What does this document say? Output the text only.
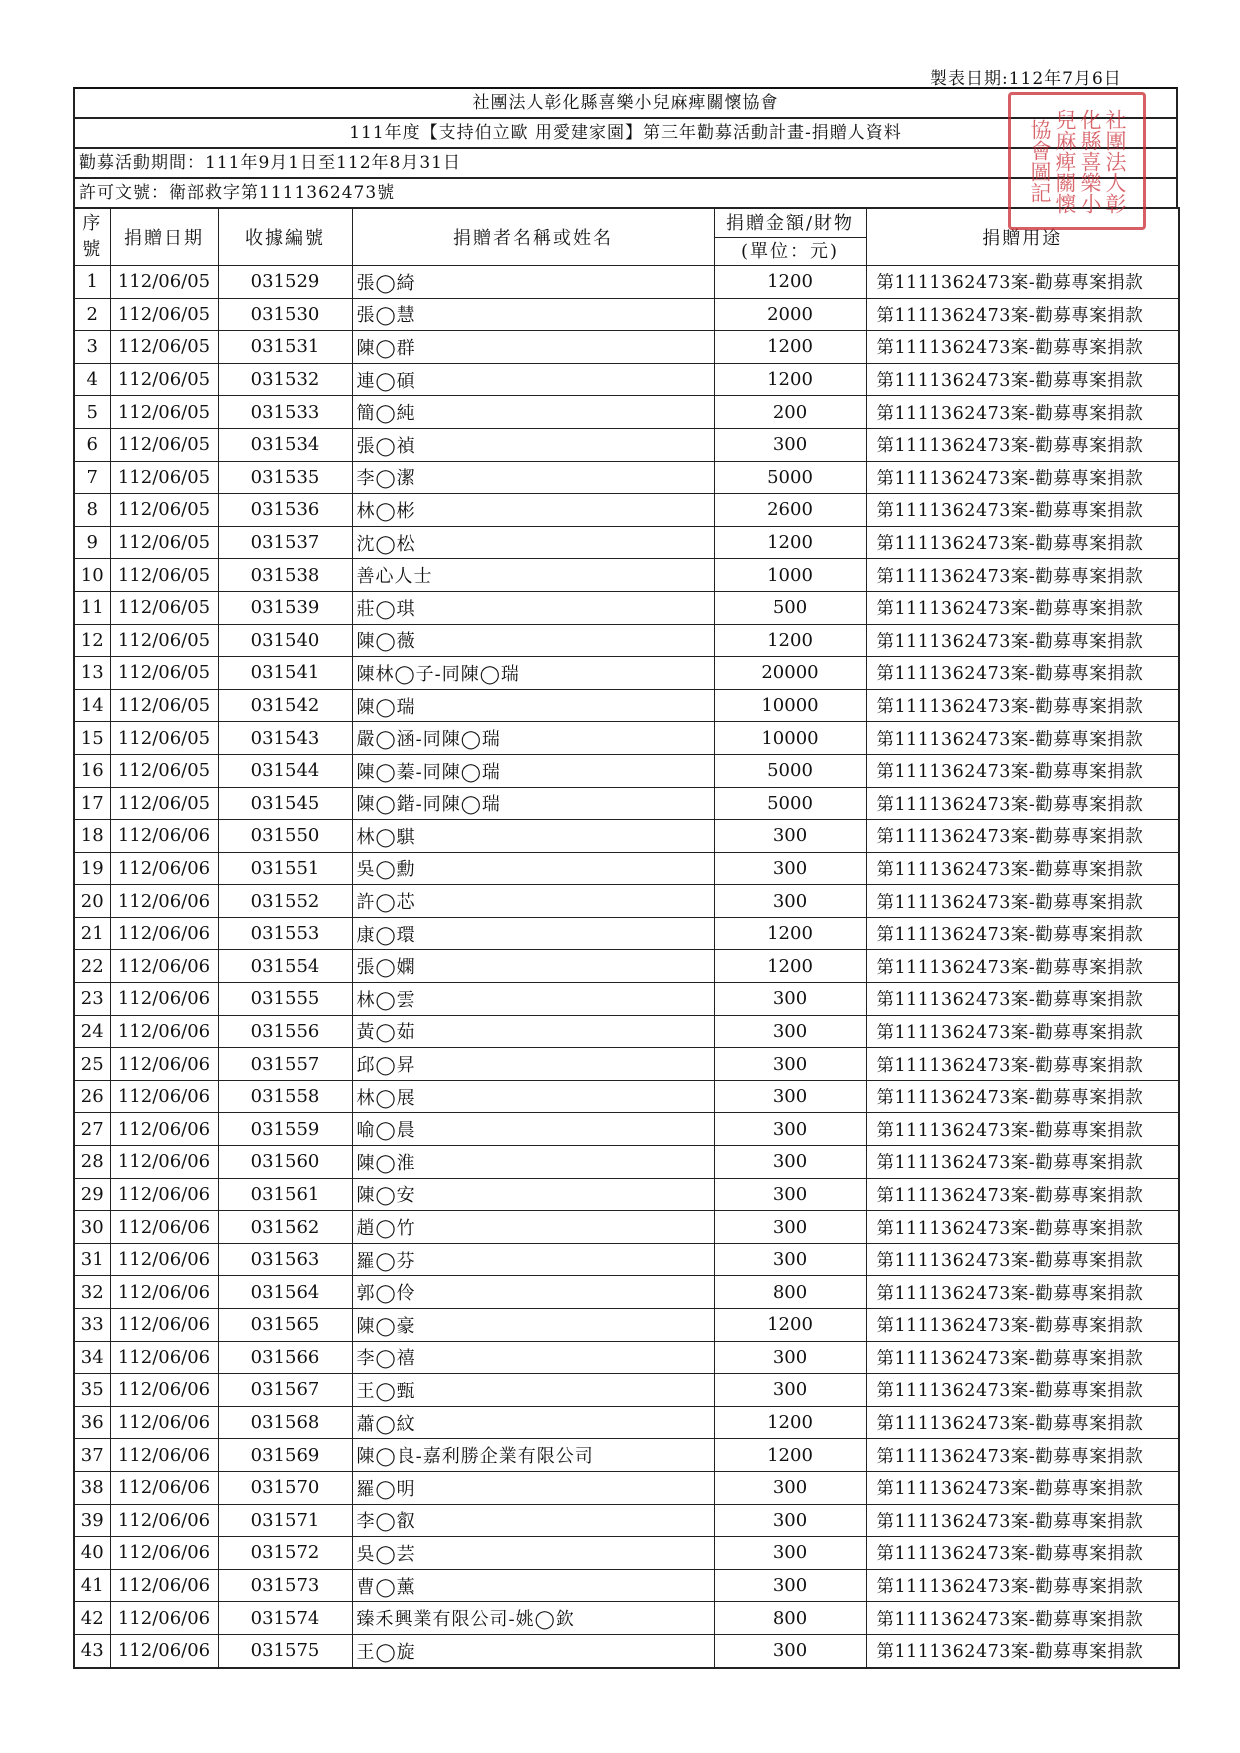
製表日期:112年7月6日
社團法人彰化縣喜樂小兒麻痺關懷協會
111年度【支持伯立歐 用愛建家園】第三年勸募活動計畫-捐贈人資料
勸募活動期間：111年9月1日至112年8月31日
許可文號：衛部救字第1111362473號
序號	捐贈日期	收據編號	捐贈者名稱或姓名	捐贈金額/財物
(單位：元)	捐贈用途
1	112/06/05	031529	張◯綺	1200	第1111362473案-勸募專案捐款
2	112/06/05	031530	張◯慧	2000	第1111362473案-勸募專案捐款
3	112/06/05	031531	陳◯群	1200	第1111362473案-勸募專案捐款
4	112/06/05	031532	連◯碩	1200	第1111362473案-勸募專案捐款
5	112/06/05	031533	簡◯純	200	第1111362473案-勸募專案捐款
6	112/06/05	031534	張◯禎	300	第1111362473案-勸募專案捐款
7	112/06/05	031535	李◯潔	5000	第1111362473案-勸募專案捐款
8	112/06/05	031536	林◯彬	2600	第1111362473案-勸募專案捐款
9	112/06/05	031537	沈◯松	1200	第1111362473案-勸募專案捐款
10	112/06/05	031538	善心人士	1000	第1111362473案-勸募專案捐款
11	112/06/05	031539	莊◯琪	500	第1111362473案-勸募專案捐款
12	112/06/05	031540	陳◯薇	1200	第1111362473案-勸募專案捐款
13	112/06/05	031541	陳林◯子-同陳◯瑞	20000	第1111362473案-勸募專案捐款
14	112/06/05	031542	陳◯瑞	10000	第1111362473案-勸募專案捐款
15	112/06/05	031543	嚴◯涵-同陳◯瑞	10000	第1111362473案-勸募專案捐款
16	112/06/05	031544	陳◯蓁-同陳◯瑞	5000	第1111362473案-勸募專案捐款
17	112/06/05	031545	陳◯鍇-同陳◯瑞	5000	第1111362473案-勸募專案捐款
18	112/06/06	031550	林◯騏	300	第1111362473案-勸募專案捐款
19	112/06/06	031551	吳◯勳	300	第1111362473案-勸募專案捐款
20	112/06/06	031552	許◯芯	300	第1111362473案-勸募專案捐款
21	112/06/06	031553	康◯環	1200	第1111362473案-勸募專案捐款
22	112/06/06	031554	張◯嫻	1200	第1111362473案-勸募專案捐款
23	112/06/06	031555	林◯雲	300	第1111362473案-勸募專案捐款
24	112/06/06	031556	黃◯茹	300	第1111362473案-勸募專案捐款
25	112/06/06	031557	邱◯昇	300	第1111362473案-勸募專案捐款
26	112/06/06	031558	林◯展	300	第1111362473案-勸募專案捐款
27	112/06/06	031559	喻◯晨	300	第1111362473案-勸募專案捐款
28	112/06/06	031560	陳◯淮	300	第1111362473案-勸募專案捐款
29	112/06/06	031561	陳◯安	300	第1111362473案-勸募專案捐款
30	112/06/06	031562	趙◯竹	300	第1111362473案-勸募專案捐款
31	112/06/06	031563	羅◯芬	300	第1111362473案-勸募專案捐款
32	112/06/06	031564	郭◯伶	800	第1111362473案-勸募專案捐款
33	112/06/06	031565	陳◯豪	1200	第1111362473案-勸募專案捐款
34	112/06/06	031566	李◯禧	300	第1111362473案-勸募專案捐款
35	112/06/06	031567	王◯甄	300	第1111362473案-勸募專案捐款
36	112/06/06	031568	蕭◯紋	1200	第1111362473案-勸募專案捐款
37	112/06/06	031569	陳◯良-嘉利勝企業有限公司	1200	第1111362473案-勸募專案捐款
38	112/06/06	031570	羅◯明	300	第1111362473案-勸募專案捐款
39	112/06/06	031571	李◯叡	300	第1111362473案-勸募專案捐款
40	112/06/06	031572	吳◯芸	300	第1111362473案-勸募專案捐款
41	112/06/06	031573	曹◯薰	300	第1111362473案-勸募專案捐款
42	112/06/06	031574	臻禾興業有限公司-姚◯欽	800	第1111362473案-勸募專案捐款
43	112/06/06	031575	王◯旋	300	第1111362473案-勸募專案捐款
社團法人彰化縣喜樂小兒麻痺關懷協會圖記
